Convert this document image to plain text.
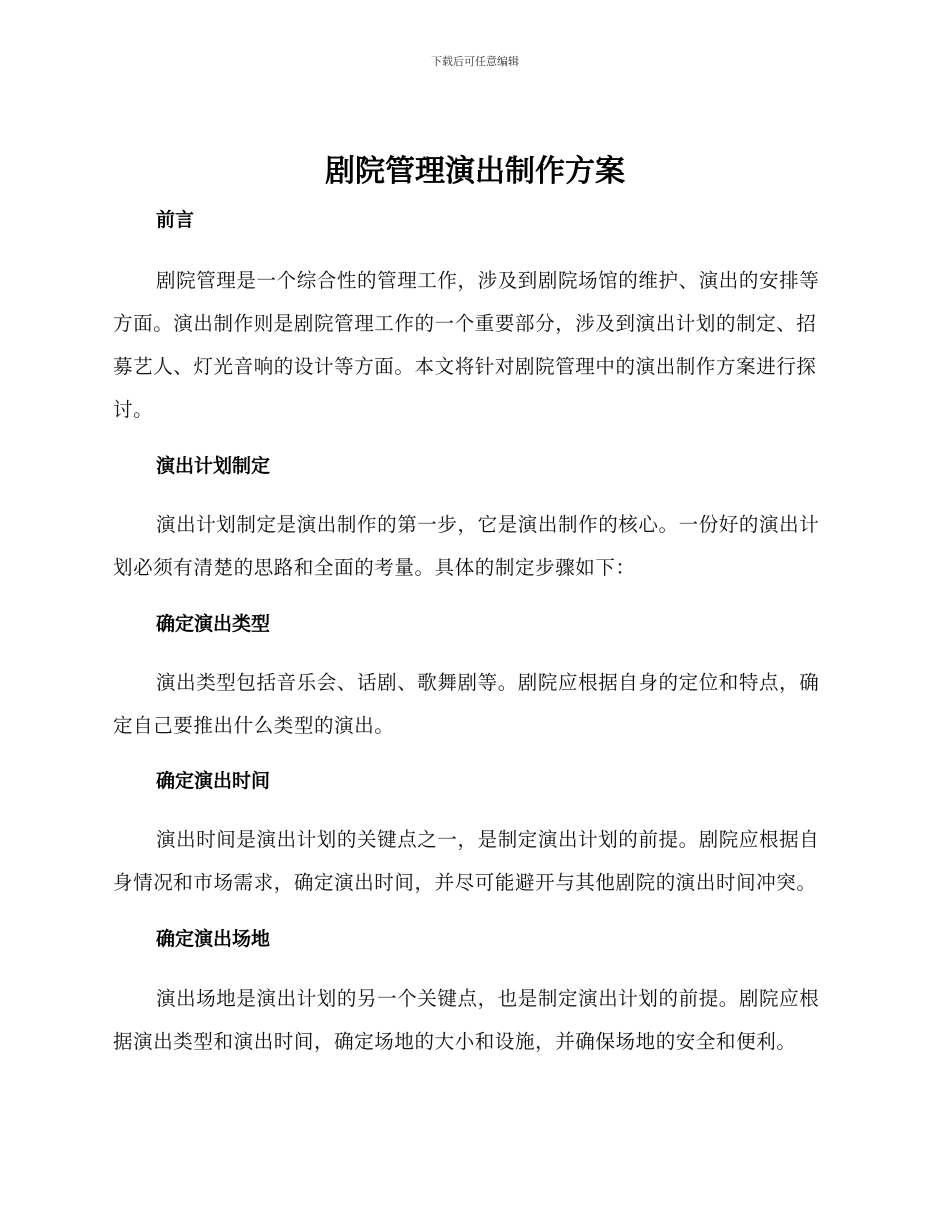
下载后可任意编辑
剧院管理演出制作方案
前言

剧院管理是一个综合性的管理工作，涉及到剧院场馆的维护、演出的安排等方面。演出制作则是剧院管理工作的一个重要部分，涉及到演出计划的制定、招募艺人、灯光音响的设计等方面。本文将针对剧院管理中的演出制作方案进行探讨。

演出计划制定

演出计划制定是演出制作的第一步，它是演出制作的核心。一份好的演出计划必须有清楚的思路和全面的考量。具体的制定步骤如下：

确定演出类型

演出类型包括音乐会、话剧、歌舞剧等。剧院应根据自身的定位和特点，确定自己要推出什么类型的演出。

确定演出时间

演出时间是演出计划的关键点之一，是制定演出计划的前提。剧院应根据自身情况和市场需求，确定演出时间，并尽可能避开与其他剧院的演出时间冲突。

确定演出场地

演出场地是演出计划的另一个关键点，也是制定演出计划的前提。剧院应根据演出类型和演出时间，确定场地的大小和设施，并确保场地的安全和便利。
